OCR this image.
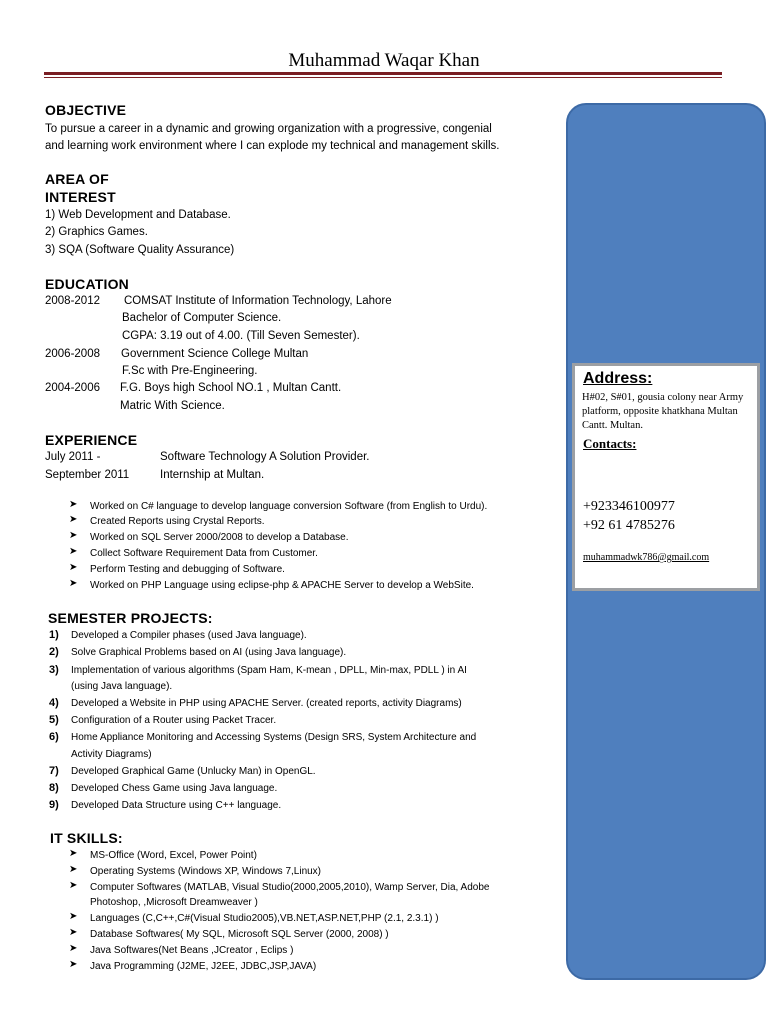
Muhammad Waqar Khan
Address:
H#02, S#01, gousia colony near Army platform, opposite khatkhana Multan Cantt. Multan.
Contacts:
+923346100977
+92 61 4785276
muhammadwk786@gmail.com
OBJECTIVE
To pursue a career in a dynamic and growing organization with a progressive, congenial
and learning work environment where I can explode my technical and management skills.
AREA OF
INTEREST
1) Web Development and Database.
2) Graphics Games.
3) SQA (Software Quality Assurance)
EDUCATION
2008-2012 COMSAT Institute of Information Technology, Lahore
Bachelor of Computer Science.
CGPA: 3.19 out of 4.00. (Till Seven Semester).
2006-2008 Government Science College Multan
F.Sc with Pre-Engineering.
2004-2006 F.G. Boys high School NO.1 , Multan Cantt.
Matric With Science.
EXPERIENCE
July 2011 -	Software Technology A Solution Provider.
September 2011	Internship at Multan.
➤ Worked on C# language to develop language conversion Software (from English to Urdu).
➤ Created Reports using Crystal Reports.
➤ Worked on SQL Server 2000/2008 to develop a Database.
➤ Collect Software Requirement Data from Customer.
➤ Perform Testing and debugging of Software.
➤ Worked on PHP Language using eclipse-php & APACHE Server to develop a WebSite.
SEMESTER PROJECTS:
1) Developed a Compiler phases (used Java language).
2) Solve Graphical Problems based on AI (using Java language).
3) Implementation of various algorithms (Spam Ham, K-mean , DPLL, Min-max, PDLL ) in AI
(using Java language).
4) Developed a Website in PHP using APACHE Server. (created reports, activity Diagrams)
5) Configuration of a Router using Packet Tracer.
6) Home Appliance Monitoring and Accessing Systems (Design SRS, System Architecture and
Activity Diagrams)
7) Developed Graphical Game (Unlucky Man) in OpenGL.
8) Developed Chess Game using Java language.
9) Developed Data Structure using C++ language.
IT SKILLS:
➤ MS-Office (Word, Excel, Power Point)
➤ Operating Systems (Windows XP, Windows 7,Linux)
➤ Computer Softwares (MATLAB, Visual Studio(2000,2005,2010), Wamp Server, Dia, Adobe
Photoshop, ,Microsoft Dreamweaver )
➤ Languages (C,C++,C#(Visual Studio2005),VB.NET,ASP.NET,PHP (2.1, 2.3.1) )
➤ Database Softwares( My SQL, Microsoft SQL Server (2000, 2008) )
➤ Java Softwares(Net Beans ,JCreator , Eclips )
➤ Java Programming (J2ME, J2EE, JDBC,JSP,JAVA)
